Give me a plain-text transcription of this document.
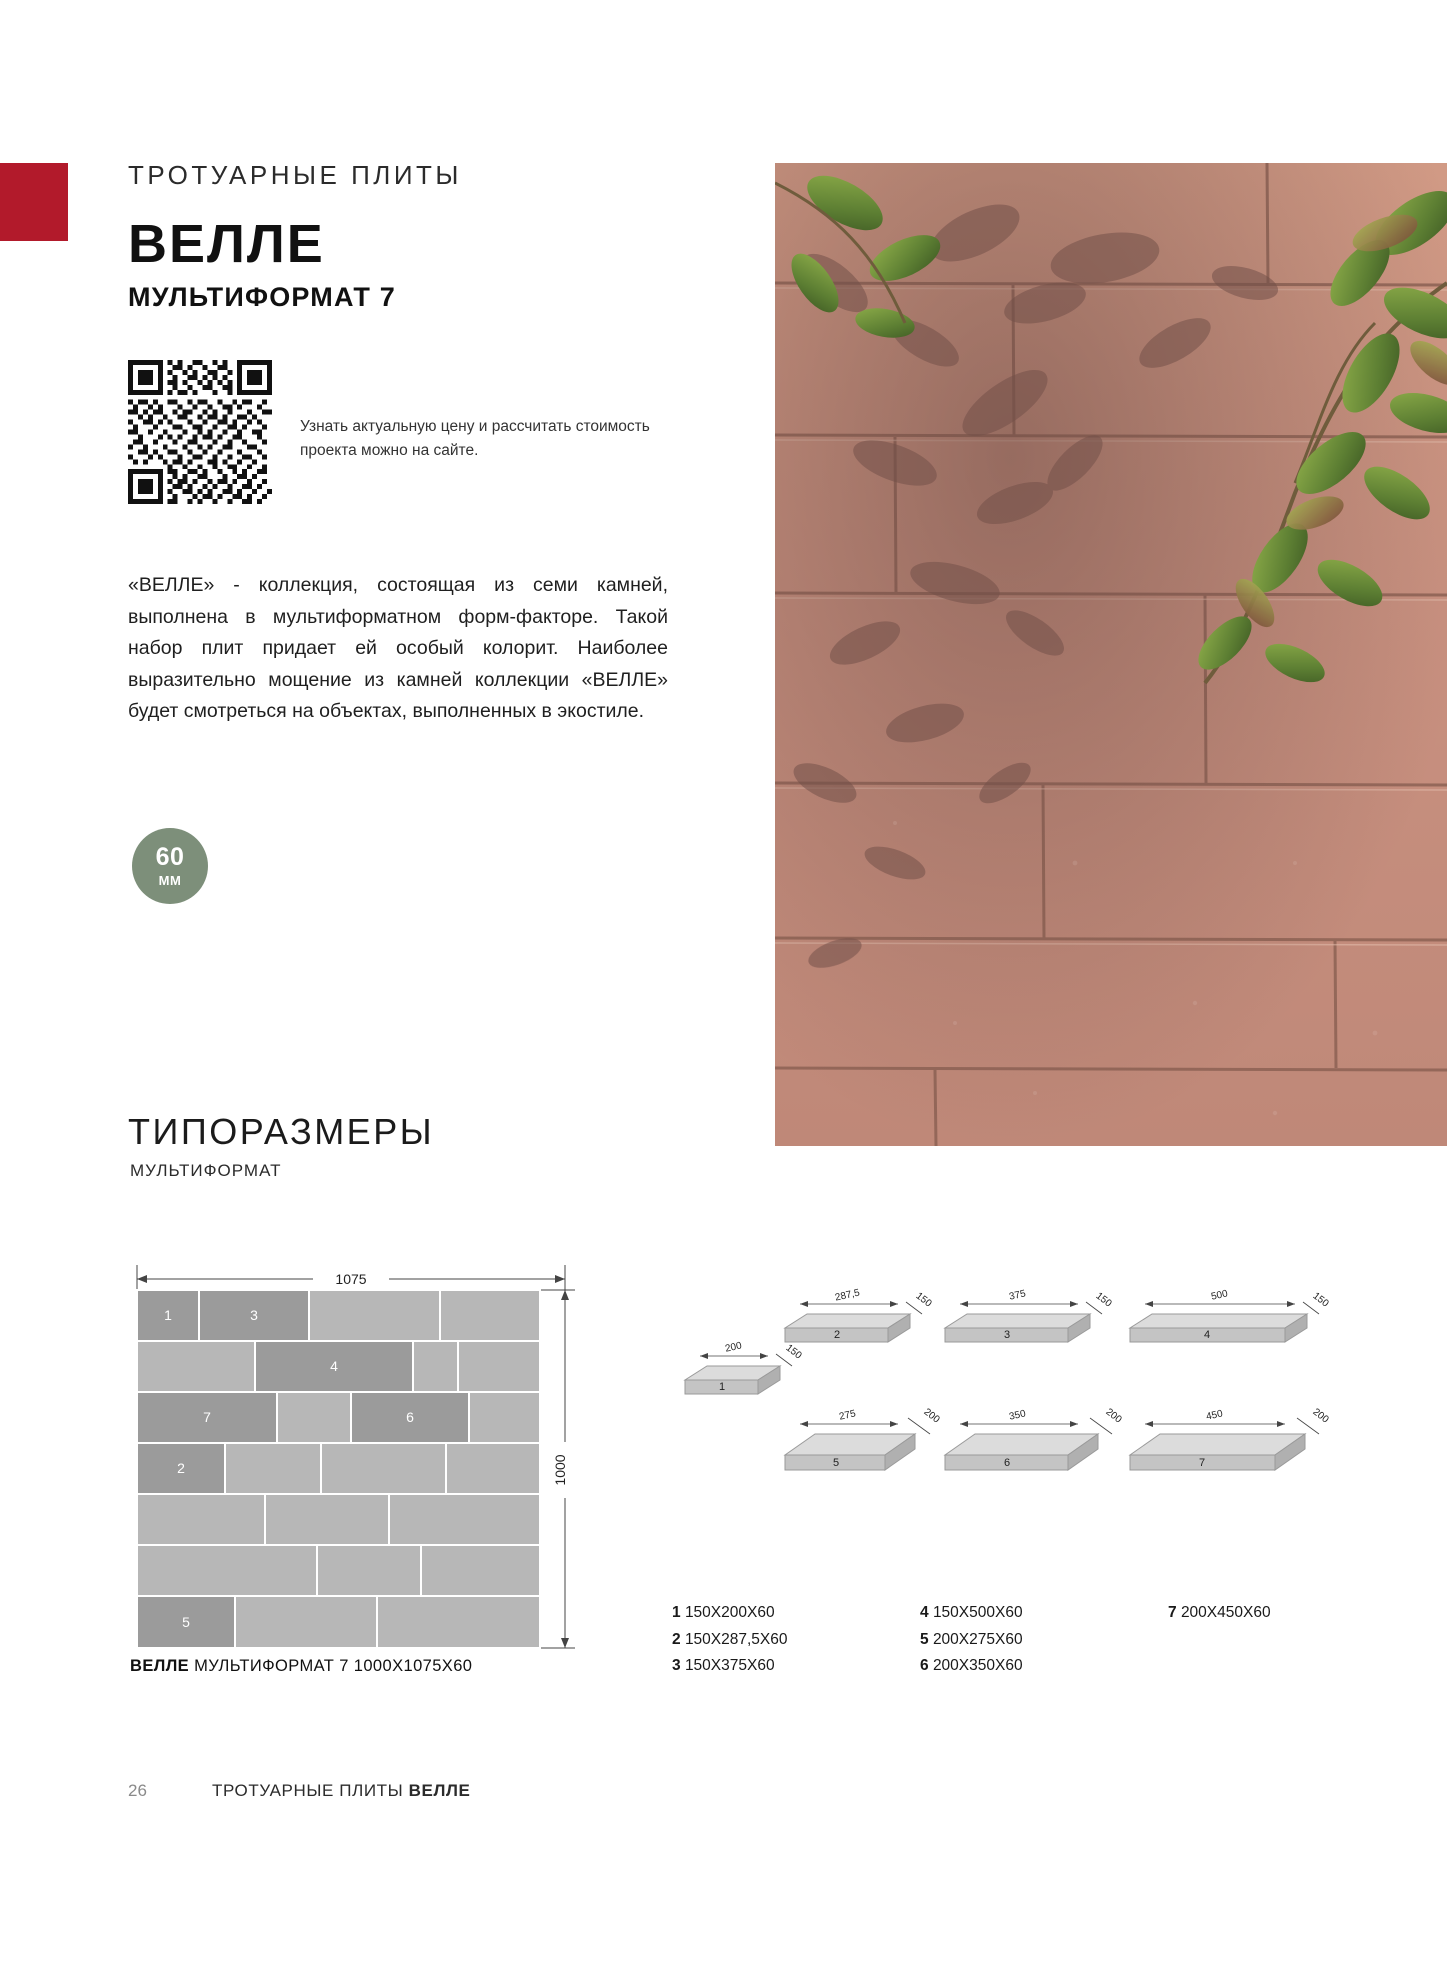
ТРОТУАРНЫЕ ПЛИТЫ
ВЕЛЛЕ
МУЛЬТИФОРМАТ 7
Узнать актуальную цену и рассчитать стоимость проекта можно на сайте.
«ВЕЛЛЕ» - коллекция, состоящая из семи камней, выполнена в мультиформатном форм-факторе. Такой набор плит придает ей особый колорит. Наиболее выразительно мощение из камней коллекции «ВЕЛЛЕ» будет смотреться на объектах, выполненных в экостиле.
60
ММ
ТИПОРАЗМЕРЫ
МУЛЬТИФОРМАТ
1075
1000
1	3
4
7	6
2
5
ВЕЛЛЕ МУЛЬТИФОРМАТ 7 1000Х1075Х60
1
200	150
2
287,5	150
3
375	150
4
500	150
5
275	200
6
350	200
7
450	200
1 150Х200Х60
2 150Х287,5Х60
3 150Х375Х60
4 150Х500Х60
5 200Х275Х60
6 200Х350Х60
7 200Х450Х60
26	ТРОТУАРНЫЕ ПЛИТЫ ВЕЛЛЕ
